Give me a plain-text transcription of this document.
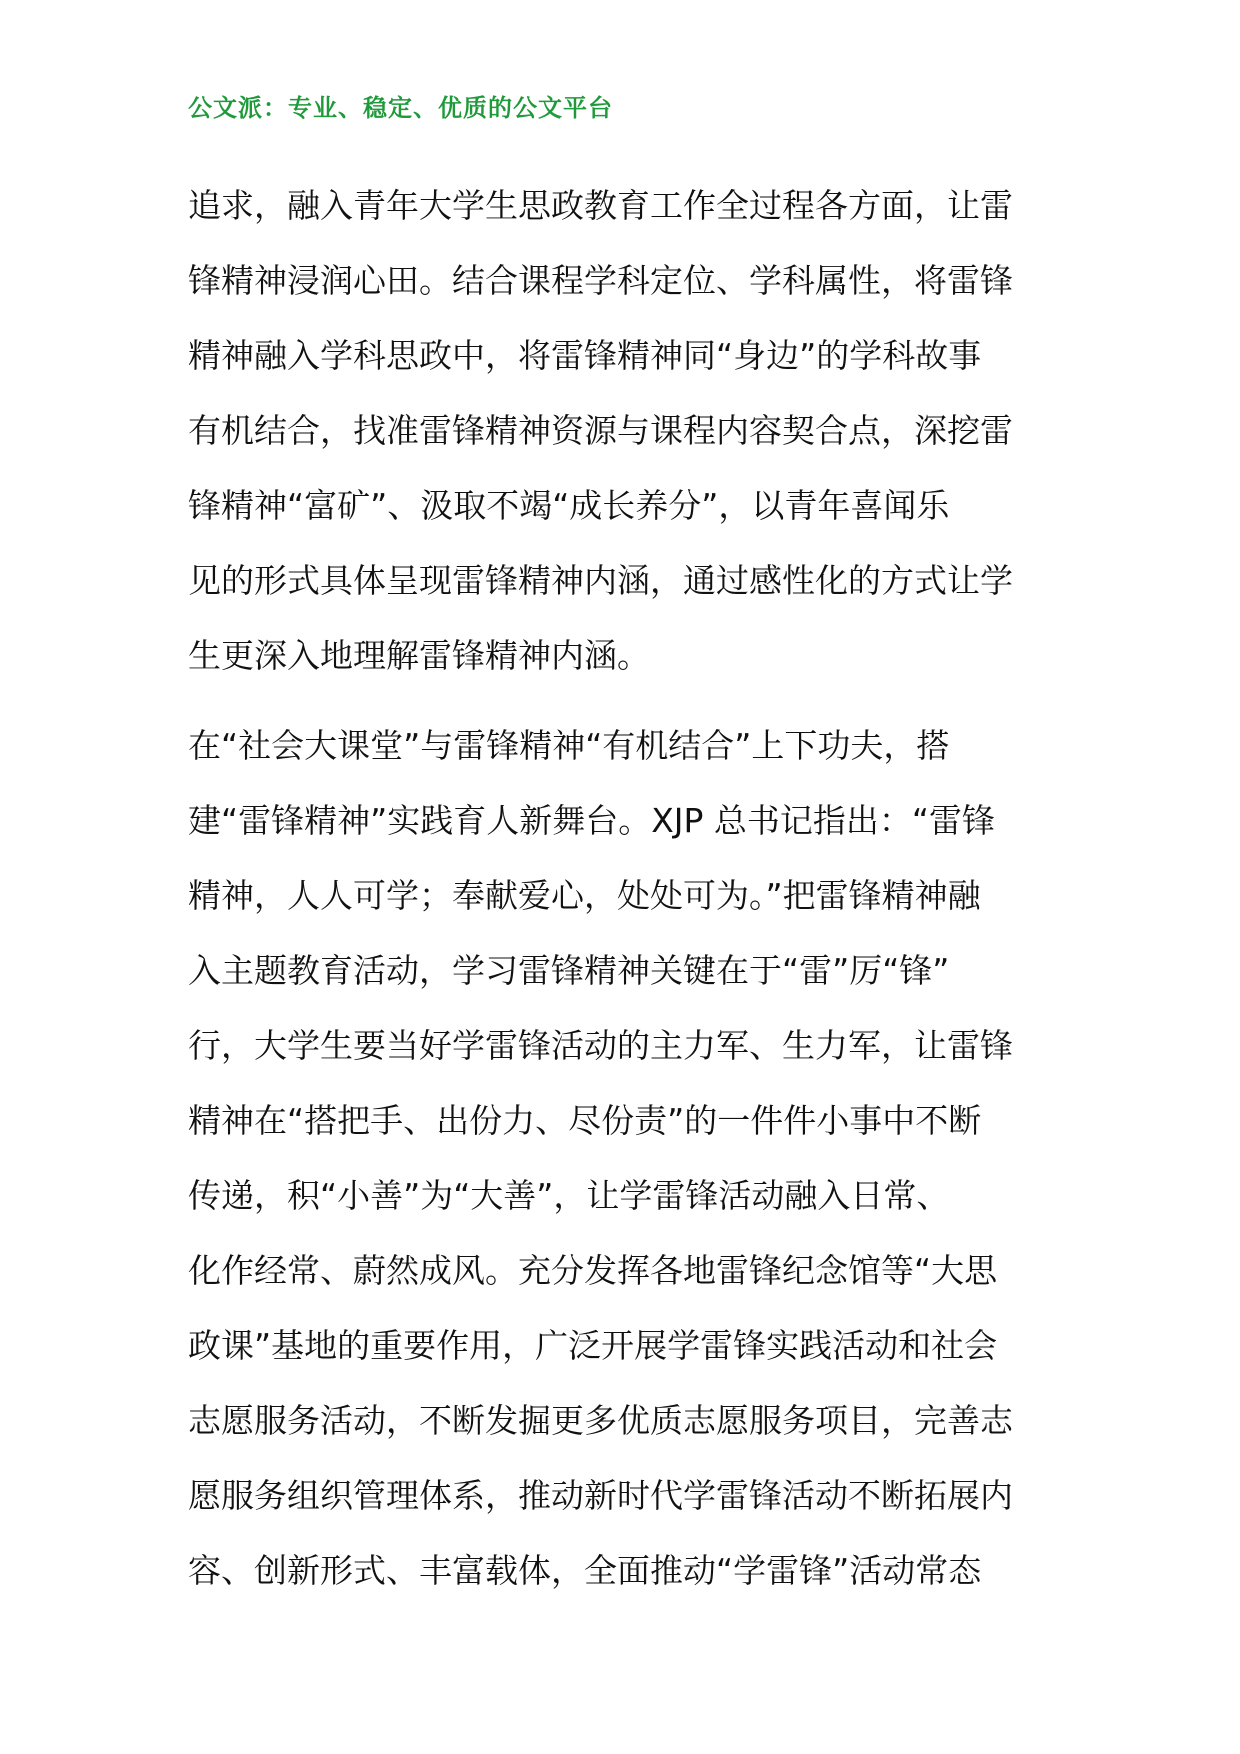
公文派：专业、稳定、优质的公文平台
追求，融入青年大学生思政教育工作全过程各方面，让雷
锋精神浸润心田。结合课程学科定位、学科属性，将雷锋
精神融入学科思政中，将雷锋精神同“身边”的学科故事
有机结合，找准雷锋精神资源与课程内容契合点，深挖雷
锋精神“富矿”、汲取不竭“成长养分”，以青年喜闻乐
见的形式具体呈现雷锋精神内涵，通过感性化的方式让学
生更深入地理解雷锋精神内涵。
在“社会大课堂”与雷锋精神“有机结合”上下功夫，搭
建“雷锋精神”实践育人新舞台。XJP 总书记指出：“雷锋
精神，人人可学；奉献爱心，处处可为。”把雷锋精神融
入主题教育活动，学习雷锋精神关键在于“雷”厉“锋”
行，大学生要当好学雷锋活动的主力军、生力军，让雷锋
精神在“搭把手、出份力、尽份责”的一件件小事中不断
传递，积“小善”为“大善”，让学雷锋活动融入日常、
化作经常、蔚然成风。充分发挥各地雷锋纪念馆等“大思
政课”基地的重要作用，广泛开展学雷锋实践活动和社会
志愿服务活动，不断发掘更多优质志愿服务项目，完善志
愿服务组织管理体系，推动新时代学雷锋活动不断拓展内
容、创新形式、丰富载体，全面推动“学雷锋”活动常态
